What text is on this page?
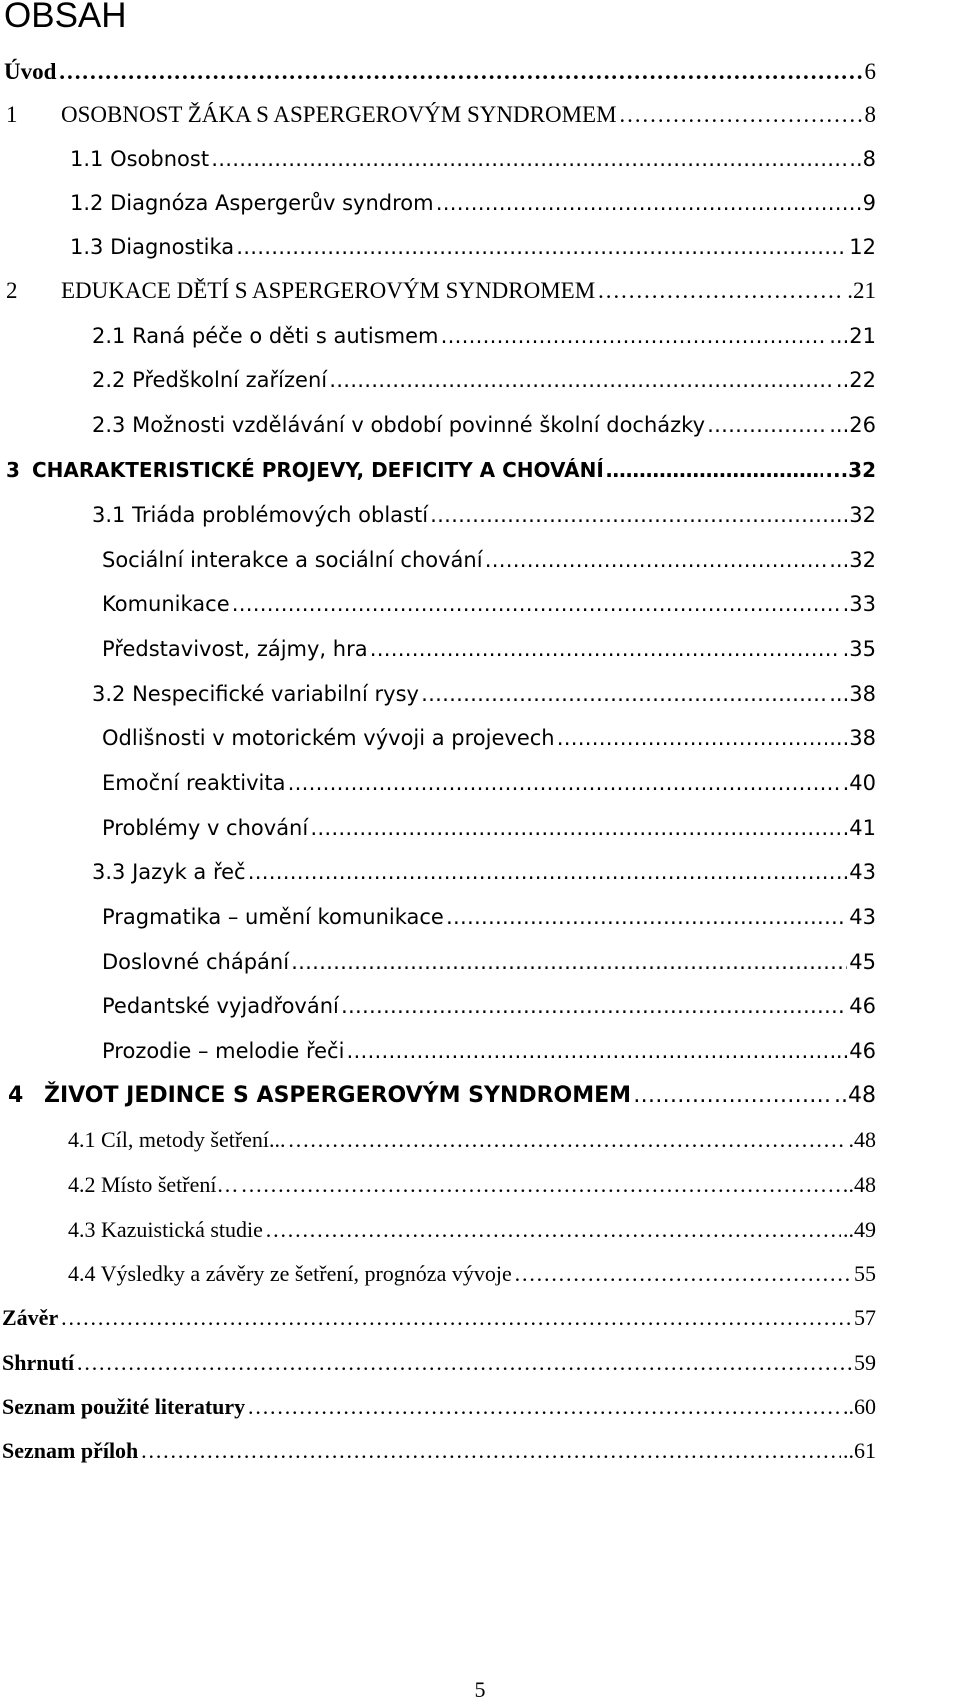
OBSAH
Úvod ……………………………………………………………………………………………………………………………………………………………………………………………………………………………………………………………	6
1	OSOBNOST ŽÁKA S ASPERGEROVÝM SYNDROMEM ……………………………………………………………………………………………………………………………………………………………………………………………………………………………………………………………	8
1.1 Osobnost ……………………………………………………………………………………………………………………………………………………………………………………………………………………………………………………………	..8
1.2 Diagnóza Aspergerův syndrom ……………………………………………………………………………………………………………………………………………………………………………………………………………………………………………………………	9
1.3 Diagnostika ……………………………………………………………………………………………………………………………………………………………………………………………………………………………………………………………	12
2	EDUKACE DĚTÍ S ASPERGEROVÝM SYNDROMEM ……………………………………………………………………………………………………………………………………………………………………………………………………………………………………………………………	.21
2.1 Raná péče o děti s autismem ……………………………………………………………………………………………………………………………………………………………………………………………………………………………………………………………	...21
2.2 Předškolní zařízení ……………………………………………………………………………………………………………………………………………………………………………………………………………………………………………………………	..22
2.3 Možnosti vzdělávání v období povinné školní docházky ……………………………………………………………………………………………………………………………………………………………………………………………………………………………………………………………	...26
3 CHARAKTERISTICKÉ PROJEVY, DEFICITY A CHOVÁNÍ ……………………………………………………………………………………………………………………………………………………………………………………………………………………………………………………………	...32
3.1 Triáda problémových oblastí ……………………………………………………………………………………………………………………………………………………………………………………………………………………………………………………………	..32
Sociální interakce a sociální chování ……………………………………………………………………………………………………………………………………………………………………………………………………………………………………………………………	...32
Komunikace ……………………………………………………………………………………………………………………………………………………………………………………………………………………………………………………………	.33
Představivost, zájmy, hra ……………………………………………………………………………………………………………………………………………………………………………………………………………………………………………………………	.35
3.2 Nespecifické variabilní rysy ……………………………………………………………………………………………………………………………………………………………………………………………………………………………………………………………	...38
Odlišnosti v motorickém vývoji a projevech ……………………………………………………………………………………………………………………………………………………………………………………………………………………………………………………………	...38
Emoční reaktivita ……………………………………………………………………………………………………………………………………………………………………………………………………………………………………………………………	.40
Problémy v chování ……………………………………………………………………………………………………………………………………………………………………………………………………………………………………………………………	.41
3.3 Jazyk a řeč ……………………………………………………………………………………………………………………………………………………………………………………………………………………………………………………………	..43
Pragmatika – umění komunikace ……………………………………………………………………………………………………………………………………………………………………………………………………………………………………………………………	43
Doslovné chápání ……………………………………………………………………………………………………………………………………………………………………………………………………………………………………………………………	45
Pedantské vyjadřování ……………………………………………………………………………………………………………………………………………………………………………………………………………………………………………………………	46
Prozodie – melodie řeči ……………………………………………………………………………………………………………………………………………………………………………………………………………………………………………………………	..46
4 ŽIVOT JEDINCE S ASPERGEROVÝM SYNDROMEM ……………………………………………………………………………………………………………………………………………………………………………………………………………………………………………………………	..48
4.1 Cíl, metody šetření... ……………………………………………………………………………………………………………………………………………………………………………………………………………………………………………………………	.48
4.2 Místo šetření… ……………………………………………………………………………………………………………………………………………………………………………………………………………………………………………………………	.48
4.3 Kazuistická studie ……………………………………………………………………………………………………………………………………………………………………………………………………………………………………………………………	..49
4.4 Výsledky a závěry ze šetření, prognóza vývoje ……………………………………………………………………………………………………………………………………………………………………………………………………………………………………………………………	55
Závěr ……………………………………………………………………………………………………………………………………………………………………………………………………………………………………………………………	57
Shrnutí ……………………………………………………………………………………………………………………………………………………………………………………………………………………………………………………………	59
Seznam použité literatury ……………………………………………………………………………………………………………………………………………………………………………………………………………………………………………………………	..60
Seznam příloh ……………………………………………………………………………………………………………………………………………………………………………………………………………………………………………………………	..61
5
